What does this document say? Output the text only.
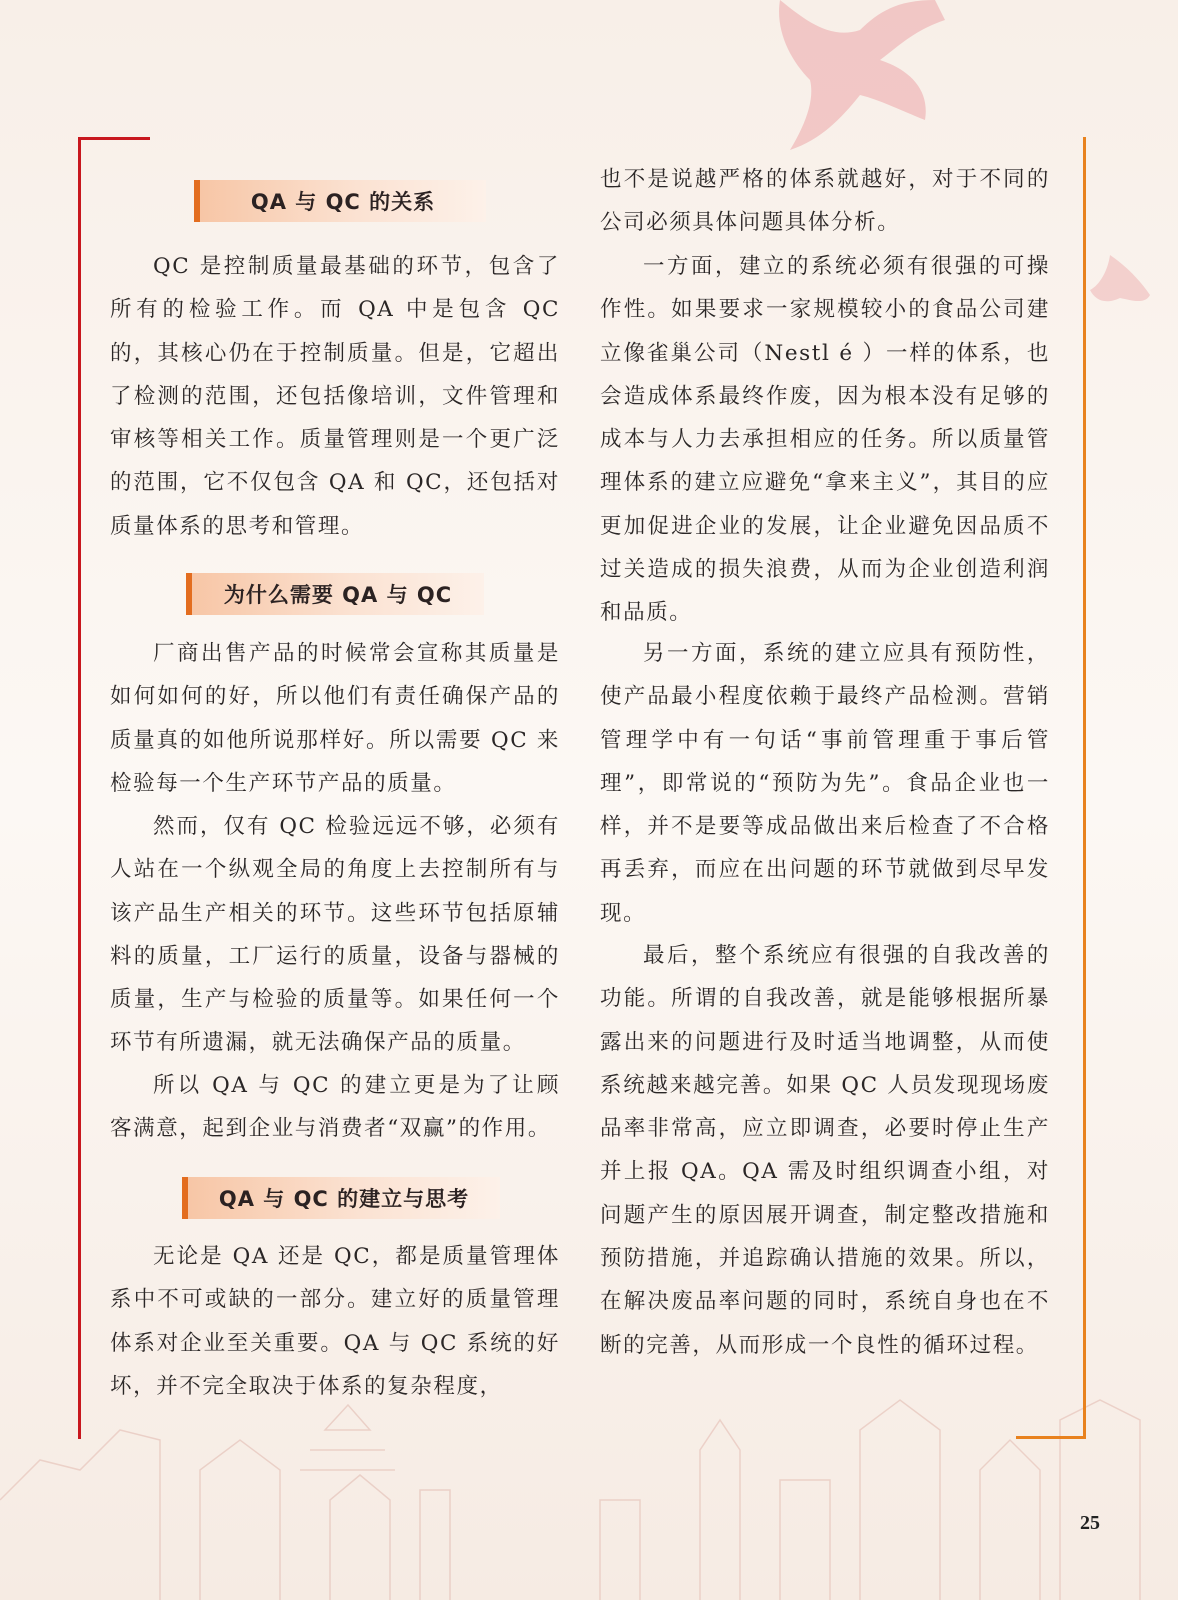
QA 与 QC 的关系

QC 是控制质量最基础的环节，包含了所有的检验工作。而 QA 中是包含 QC 的，其核心仍在于控制质量。但是，它超出了检测的范围，还包括像培训，文件管理和审核等相关工作。质量管理则是一个更广泛的范围，它不仅包含 QA 和 QC，还包括对质量体系的思考和管理。

为什么需要 QA 与 QC

厂商出售产品的时候常会宣称其质量是如何如何的好，所以他们有责任确保产品的质量真的如他所说那样好。所以需要 QC 来检验每一个生产环节产品的质量。

然而，仅有 QC 检验远远不够，必须有人站在一个纵观全局的角度上去控制所有与该产品生产相关的环节。这些环节包括原辅料的质量，工厂运行的质量，设备与器械的质量，生产与检验的质量等。如果任何一个环节有所遗漏，就无法确保产品的质量。

所以 QA 与 QC 的建立更是为了让顾客满意，起到企业与消费者“双赢”的作用。

QA 与 QC 的建立与思考

无论是 QA 还是 QC，都是质量管理体系中不可或缺的一部分。建立好的质量管理体系对企业至关重要。QA 与 QC 系统的好坏，并不完全取决于体系的复杂程度，

也不是说越严格的体系就越好，对于不同的公司必须具体问题具体分析。

一方面，建立的系统必须有很强的可操作性。如果要求一家规模较小的食品公司建立像雀巢公司（Nestl é ）一样的体系，也会造成体系最终作废，因为根本没有足够的成本与人力去承担相应的任务。所以质量管理体系的建立应避免“拿来主义”，其目的应更加促进企业的发展，让企业避免因品质不过关造成的损失浪费，从而为企业创造利润和品质。

另一方面，系统的建立应具有预防性，使产品最小程度依赖于最终产品检测。营销管理学中有一句话“事前管理重于事后管理”，即常说的“预防为先”。食品企业也一样，并不是要等成品做出来后检查了不合格再丢弃，而应在出问题的环节就做到尽早发现。

最后，整个系统应有很强的自我改善的功能。所谓的自我改善，就是能够根据所暴露出来的问题进行及时适当地调整，从而使系统越来越完善。如果 QC 人员发现现场废品率非常高，应立即调查，必要时停止生产并上报 QA。QA 需及时组织调查小组，对问题产生的原因展开调查，制定整改措施和预防措施，并追踪确认措施的效果。所以，在解决废品率问题的同时，系统自身也在不断的完善，从而形成一个良性的循环过程。

25
